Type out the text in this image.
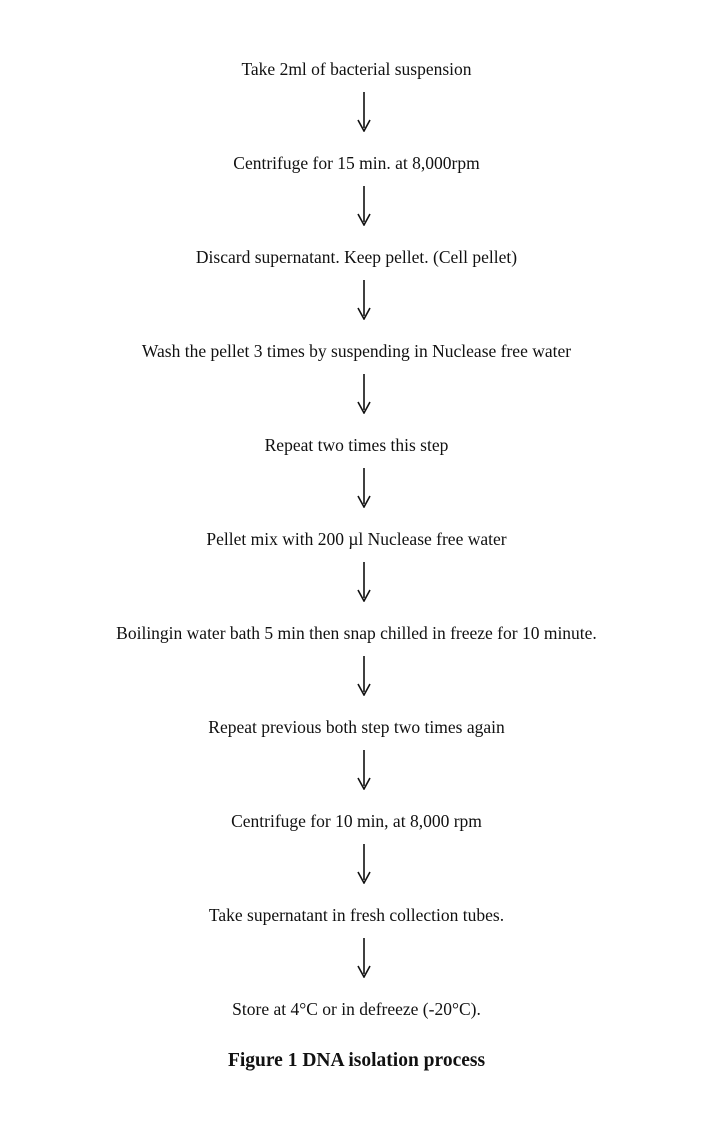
Take 2ml of bacterial suspension
Centrifuge for 15 min. at 8,000rpm
Discard supernatant. Keep pellet. (Cell pellet)
Wash the pellet 3 times by suspending in Nuclease free water
Repeat two times this step
Pellet mix with 200 µl Nuclease free water
Boilingin water bath 5 min then snap chilled in freeze for 10 minute.
Repeat previous both step two times again
Centrifuge for 10 min, at 8,000 rpm
Take supernatant in fresh collection tubes.
Store at 4°C or in defreeze (-20°C).
Figure 1 DNA isolation process
